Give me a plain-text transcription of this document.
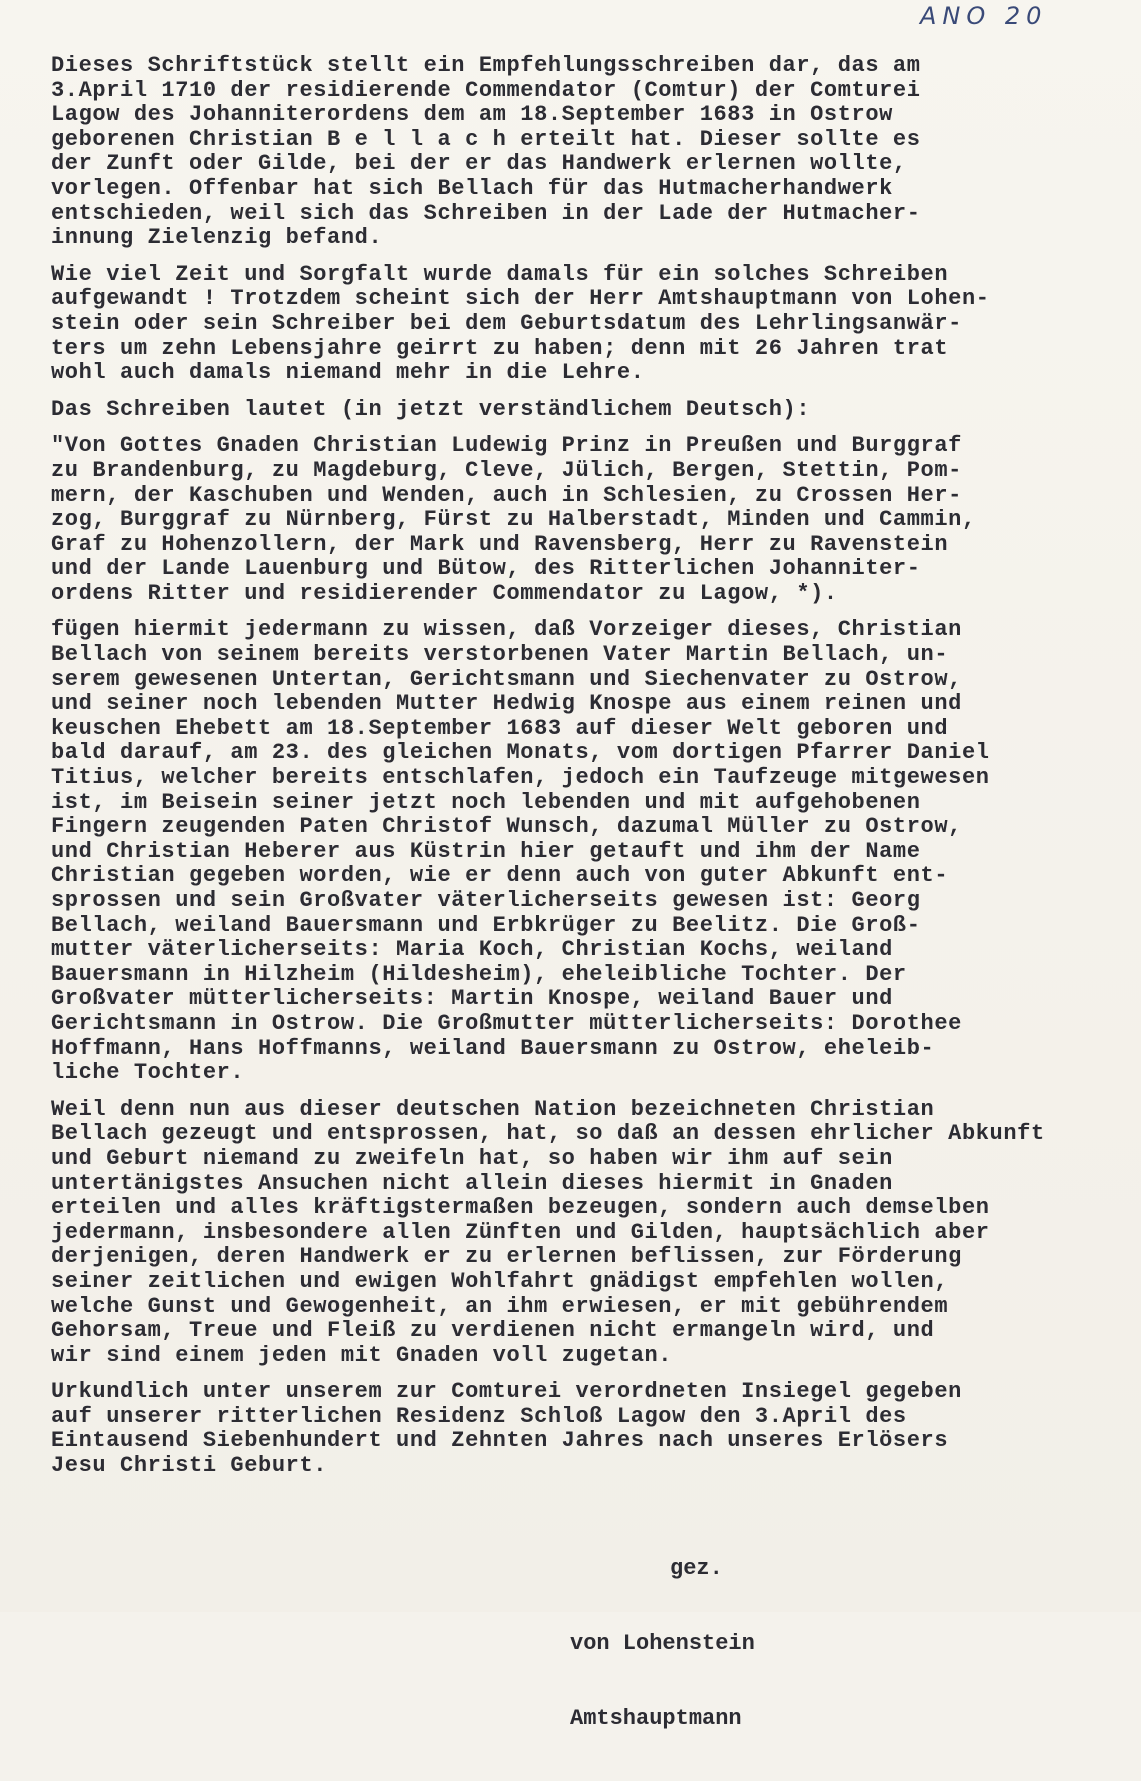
ANO 20
Dieses Schriftstück stellt ein Empfehlungsschreiben dar, das am
3.April 1710 der residierende Commendator (Comtur) der Comturei
Lagow des Johanniterordens dem am 18.September 1683 in Ostrow
geborenen Christian B e l l a c h erteilt hat. Dieser sollte es
der Zunft oder Gilde, bei der er das Handwerk erlernen wollte,
vorlegen. Offenbar hat sich Bellach für das Hutmacherhandwerk
entschieden, weil sich das Schreiben in der Lade der Hutmacher-
innung Zielenzig befand.
Wie viel Zeit und Sorgfalt wurde damals für ein solches Schreiben
aufgewandt ! Trotzdem scheint sich der Herr Amtshauptmann von Lohen-
stein oder sein Schreiber bei dem Geburtsdatum des Lehrlingsanwär-
ters um zehn Lebensjahre geirrt zu haben; denn mit 26 Jahren trat
wohl auch damals niemand mehr in die Lehre.
Das Schreiben lautet (in jetzt verständlichem Deutsch):
"Von Gottes Gnaden Christian Ludewig Prinz in Preußen und Burggraf
zu Brandenburg, zu Magdeburg, Cleve, Jülich, Bergen, Stettin, Pom-
mern, der Kaschuben und Wenden, auch in Schlesien, zu Crossen Her-
zog, Burggraf zu Nürnberg, Fürst zu Halberstadt, Minden und Cammin,
Graf zu Hohenzollern, der Mark und Ravensberg, Herr zu Ravenstein
und der Lande Lauenburg und Bütow, des Ritterlichen Johanniter-
ordens Ritter und residierender Commendator zu Lagow, *).
fügen hiermit jedermann zu wissen, daß Vorzeiger dieses, Christian
Bellach von seinem bereits verstorbenen Vater Martin Bellach, un-
serem gewesenen Untertan, Gerichtsmann und Siechenvater zu Ostrow,
und seiner noch lebenden Mutter Hedwig Knospe aus einem reinen und
keuschen Ehebett am 18.September 1683 auf dieser Welt geboren und
bald darauf, am 23. des gleichen Monats, vom dortigen Pfarrer Daniel
Titius, welcher bereits entschlafen, jedoch ein Taufzeuge mitgewesen
ist, im Beisein seiner jetzt noch lebenden und mit aufgehobenen
Fingern zeugenden Paten Christof Wunsch, dazumal Müller zu Ostrow,
und Christian Heberer aus Küstrin hier getauft und ihm der Name
Christian gegeben worden, wie er denn auch von guter Abkunft ent-
sprossen und sein Großvater väterlicherseits gewesen ist: Georg
Bellach, weiland Bauersmann und Erbkrüger zu Beelitz. Die Groß-
mutter väterlicherseits: Maria Koch, Christian Kochs, weiland
Bauersmann in Hilzheim (Hildesheim), eheleibliche Tochter. Der
Großvater mütterlicherseits: Martin Knospe, weiland Bauer und
Gerichtsmann in Ostrow. Die Großmutter mütterlicherseits: Dorothee
Hoffmann, Hans Hoffmanns, weiland Bauersmann zu Ostrow, eheleib-
liche Tochter.
Weil denn nun aus dieser deutschen Nation bezeichneten Christian
Bellach gezeugt und entsprossen, hat, so daß an dessen ehrlicher Abkunft
und Geburt niemand zu zweifeln hat, so haben wir ihm auf sein
untertänigstes Ansuchen nicht allein dieses hiermit in Gnaden
erteilen und alles kräftigstermaßen bezeugen, sondern auch demselben
jedermann, insbesondere allen Zünften und Gilden, hauptsächlich aber
derjenigen, deren Handwerk er zu erlernen beflissen, zur Förderung
seiner zeitlichen und ewigen Wohlfahrt gnädigst empfehlen wollen,
welche Gunst und Gewogenheit, an ihm erwiesen, er mit gebührendem
Gehorsam, Treue und Fleiß zu verdienen nicht ermangeln wird, und
wir sind einem jeden mit Gnaden voll zugetan.
Urkundlich unter unserem zur Comturei verordneten Insiegel gegeben
auf unserer ritterlichen Residenz Schloß Lagow den 3.April des
Eintausend Siebenhundert und Zehnten Jahres nach unseres Erlösers
Jesu Christi Geburt.

gez.

von Lohenstein

Amtshauptmann
